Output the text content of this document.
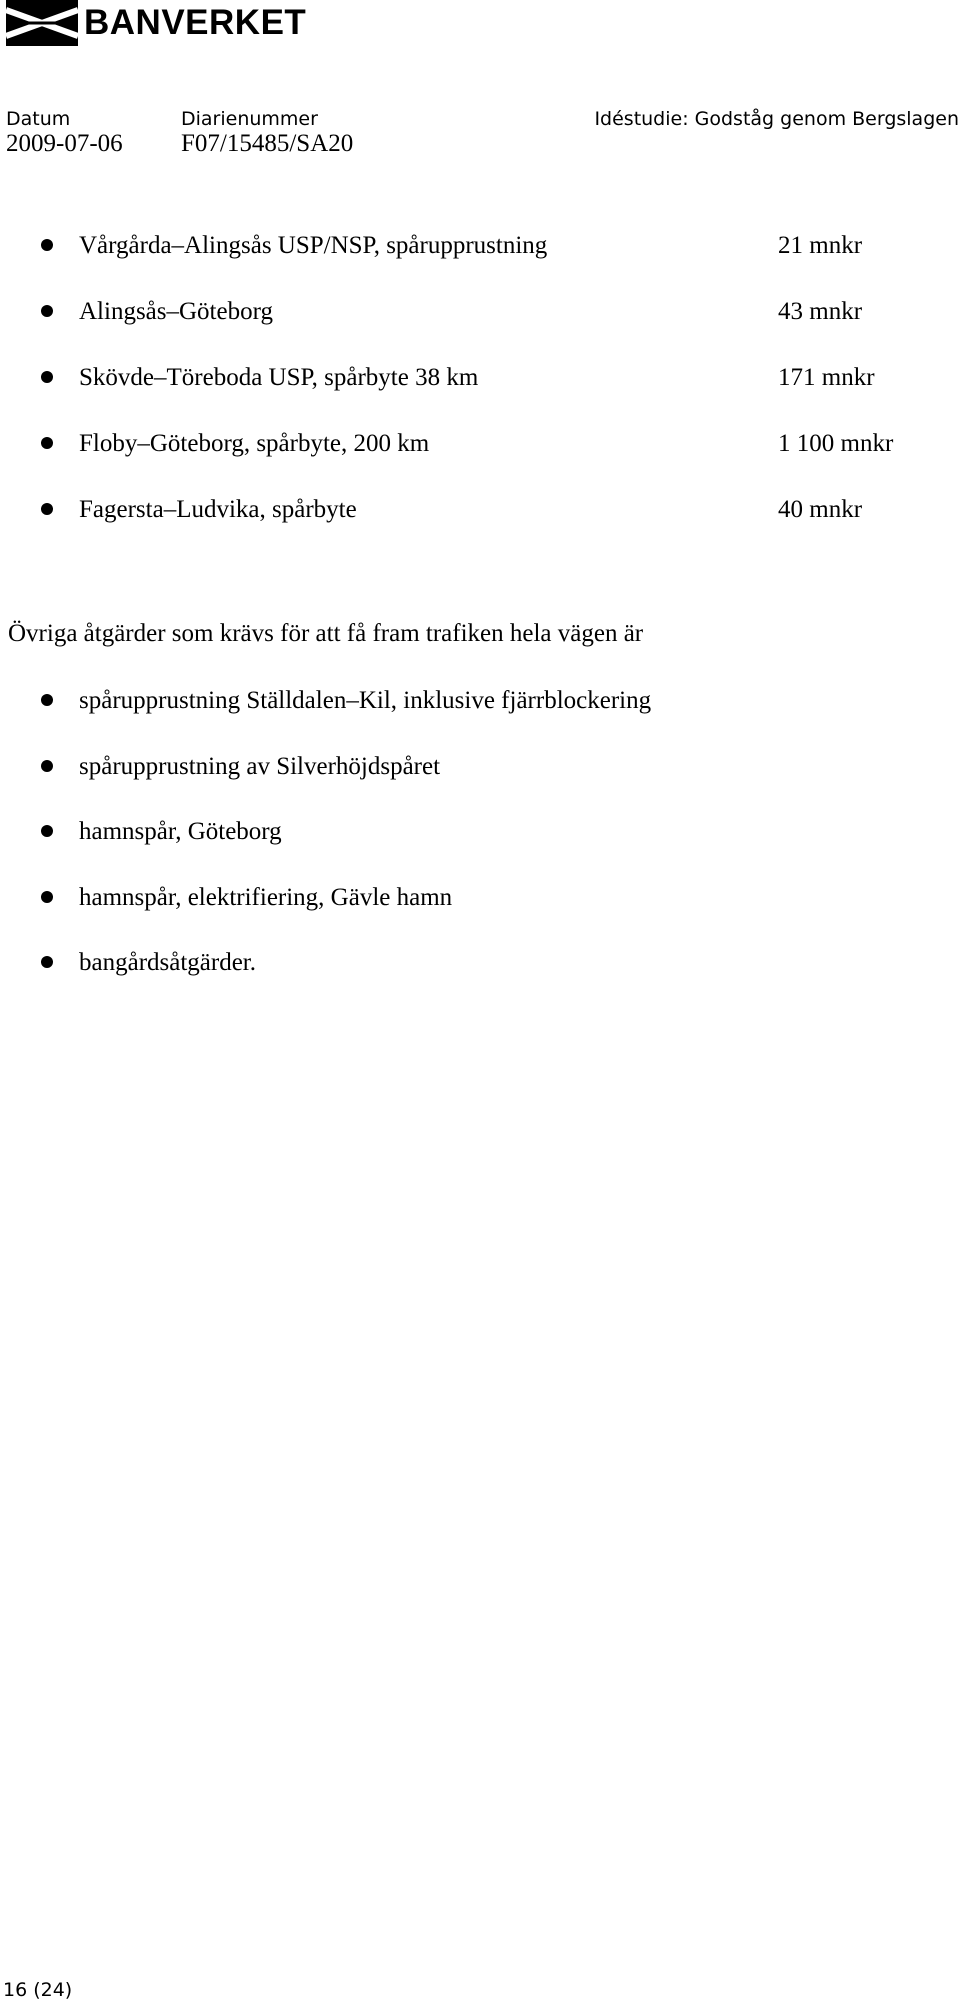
BANVERKET
Datum
2009-07-06
Diarienummer
F07/15485/SA20
Idéstudie: Godståg genom Bergslagen
Vårgårda–Alingsås USP/NSP, spårupprustning	21 mnkr
Alingsås–Göteborg	43 mnkr
Skövde–Töreboda USP, spårbyte 38 km	171 mnkr
Floby–Göteborg, spårbyte, 200 km	1 100 mnkr
Fagersta–Ludvika, spårbyte	40 mnkr
Övriga åtgärder som krävs för att få fram trafiken hela vägen är
spårupprustning Ställdalen–Kil, inklusive fjärrblockering
spårupprustning av Silverhöjdspåret
hamnspår, Göteborg
hamnspår, elektrifiering, Gävle hamn
bangårdsåtgärder.
16 (24)
